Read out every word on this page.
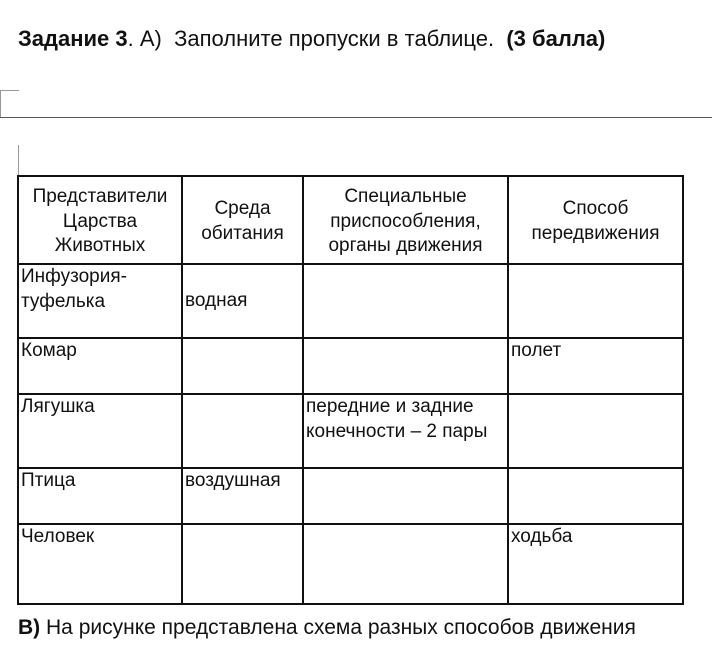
Задание 3. А) Заполните пропуски в таблице. (3 балла)
Представители Царства Животных	Среда обитания	Специальные приспособления, органы движения	Способ передвижения
Инфузория-туфелька	водная		
Комар			полет
Лягушка		передние и задние конечности – 2 пары	
Птица	воздушная		
Человек			ходьба

В) На рисунке представлена схема разных способов движения
